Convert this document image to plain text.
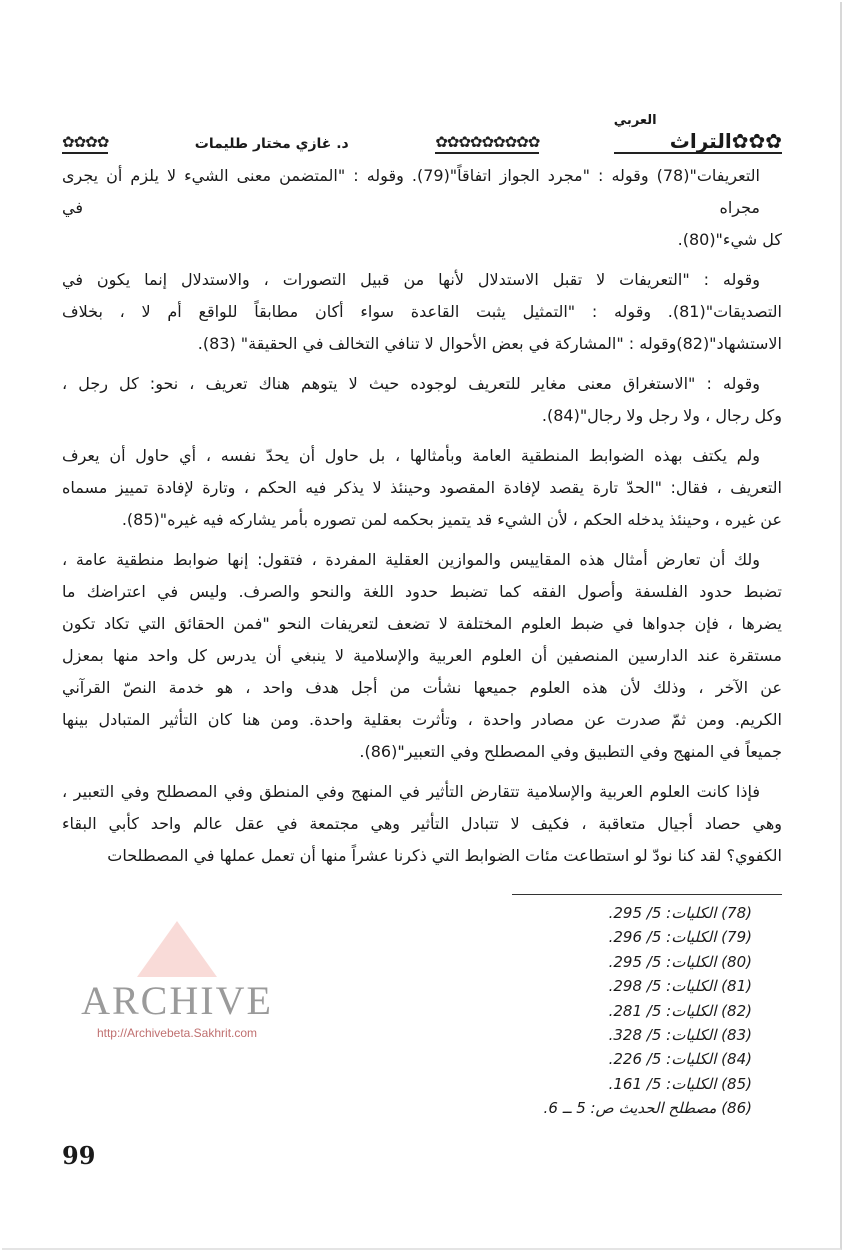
✿✿✿التراث
العربي
✿✿✿✿✿✿✿✿✿
د. غازي مختار طليمات
✿✿✿✿
التعريفات"(78) وقوله : "مجرد الجواز اتفاقاً"(79). وقوله : "المتضمن معنى الشيء لا يلزم أن يجرى مجراه في
كل شيء"(80).
وقوله : "التعريفات لا تقبل الاستدلال لأنها من قبيل التصورات ، والاستدلال إنما يكون في
التصديقات"(81). وقوله : "التمثيل يثبت القاعدة سواء أكان مطابقاً للواقع أم لا ، بخلاف
الاستشهاد"(82)وقوله : "المشاركة في بعض الأحوال لا تنافي التخالف في الحقيقة" (83).
وقوله : "الاستغراق معنى مغاير للتعريف لوجوده حيث لا يتوهم هناك تعريف ، نحو: كل رجل ،
وكل رجال ، ولا رجل ولا رجال"(84).
ولم يكتف بهذه الضوابط المنطقية العامة وبأمثالها ، بل حاول أن يحدّ نفسه ، أي حاول أن يعرف
التعريف ، فقال: "الحدّ تارة يقصد لإفادة المقصود وحينئذ لا يذكر فيه الحكم ، وتارة لإفادة تمييز مسماه
عن غيره ، وحينئذ يدخله الحكم ، لأن الشيء قد يتميز بحكمه لمن تصوره بأمر يشاركه فيه غيره"(85).
ولك أن تعارض أمثال هذه المقاييس والموازين العقلية المفردة ، فتقول: إنها ضوابط منطقية عامة ،
تضبط حدود الفلسفة وأصول الفقه كما تضبط حدود اللغة والنحو والصرف. وليس في اعتراضك ما
يضرها ، فإن جدواها في ضبط العلوم المختلفة لا تضعف لتعريفات النحو "فمن الحقائق التي تكاد تكون
مستقرة عند الدارسين المنصفين أن العلوم العربية والإسلامية لا ينبغي أن يدرس كل واحد منها بمعزل
عن الآخر ، وذلك لأن هذه العلوم جميعها نشأت من أجل هدف واحد ، هو خدمة النصّ القرآني
الكريم. ومن ثمّ صدرت عن مصادر واحدة ، وتأثرت بعقلية واحدة. ومن هنا كان التأثير المتبادل بينها
جميعاً في المنهج وفي التطبيق وفي المصطلح وفي التعبير"(86).
فإذا كانت العلوم العربية والإسلامية تتقارض التأثير في المنهج وفي المنطق وفي المصطلح وفي التعبير ،
وهي حصاد أجيال متعاقبة ، فكيف لا تتبادل التأثير وهي مجتمعة في عقل عالم واحد كأبي البقاء
الكفوي؟ لقد كنا نودّ لو استطاعت مئات الضوابط التي ذكرنا عشراً منها أن تعمل عملها في المصطلحات
ARCHIVE
http://Archivebeta.Sakhrit.com
(78) الكليات: 5/ 295.
(79) الكليات: 5/ 296.
(80) الكليات: 5/ 295.
(81) الكليات: 5/ 298.
(82) الكليات: 5/ 281.
(83) الكليات: 5/ 328.
(84) الكليات: 5/ 226.
(85) الكليات: 5/ 161.
(86) مصطلح الحديث ص: 5 ــ 6.
99
